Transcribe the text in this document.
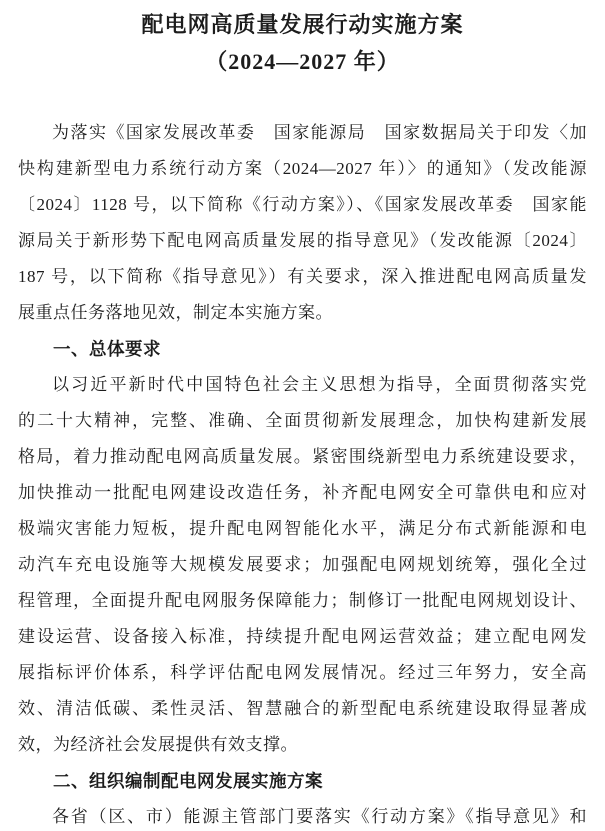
配电网高质量发展行动实施方案
（2024—2027 年）
为落实《国家发展改革委　国家能源局　国家数据局关于印发〈加
快构建新型电力系统行动方案（2024—2027 年）〉的通知》（发改能源
〔2024〕1128 号，以下简称《行动方案》）、《国家发展改革委　国家能
源局关于新形势下配电网高质量发展的指导意见》（发改能源〔2024〕
187 号，以下简称《指导意见》）有关要求，深入推进配电网高质量发
展重点任务落地见效，制定本实施方案。
一、总体要求
以习近平新时代中国特色社会主义思想为指导，全面贯彻落实党
的二十大精神，完整、准确、全面贯彻新发展理念，加快构建新发展
格局，着力推动配电网高质量发展。紧密围绕新型电力系统建设要求，
加快推动一批配电网建设改造任务，补齐配电网安全可靠供电和应对
极端灾害能力短板，提升配电网智能化水平，满足分布式新能源和电
动汽车充电设施等大规模发展要求；加强配电网规划统筹，强化全过
程管理，全面提升配电网服务保障能力；制修订一批配电网规划设计、
建设运营、设备接入标准，持续提升配电网运营效益；建立配电网发
展指标评价体系，科学评估配电网发展情况。经过三年努力，安全高
效、清洁低碳、柔性灵活、智慧融合的新型配电系统建设取得显著成
效，为经济社会发展提供有效支撑。
二、组织编制配电网发展实施方案
各省（区、市）能源主管部门要落实《行动方案》《指导意见》和
